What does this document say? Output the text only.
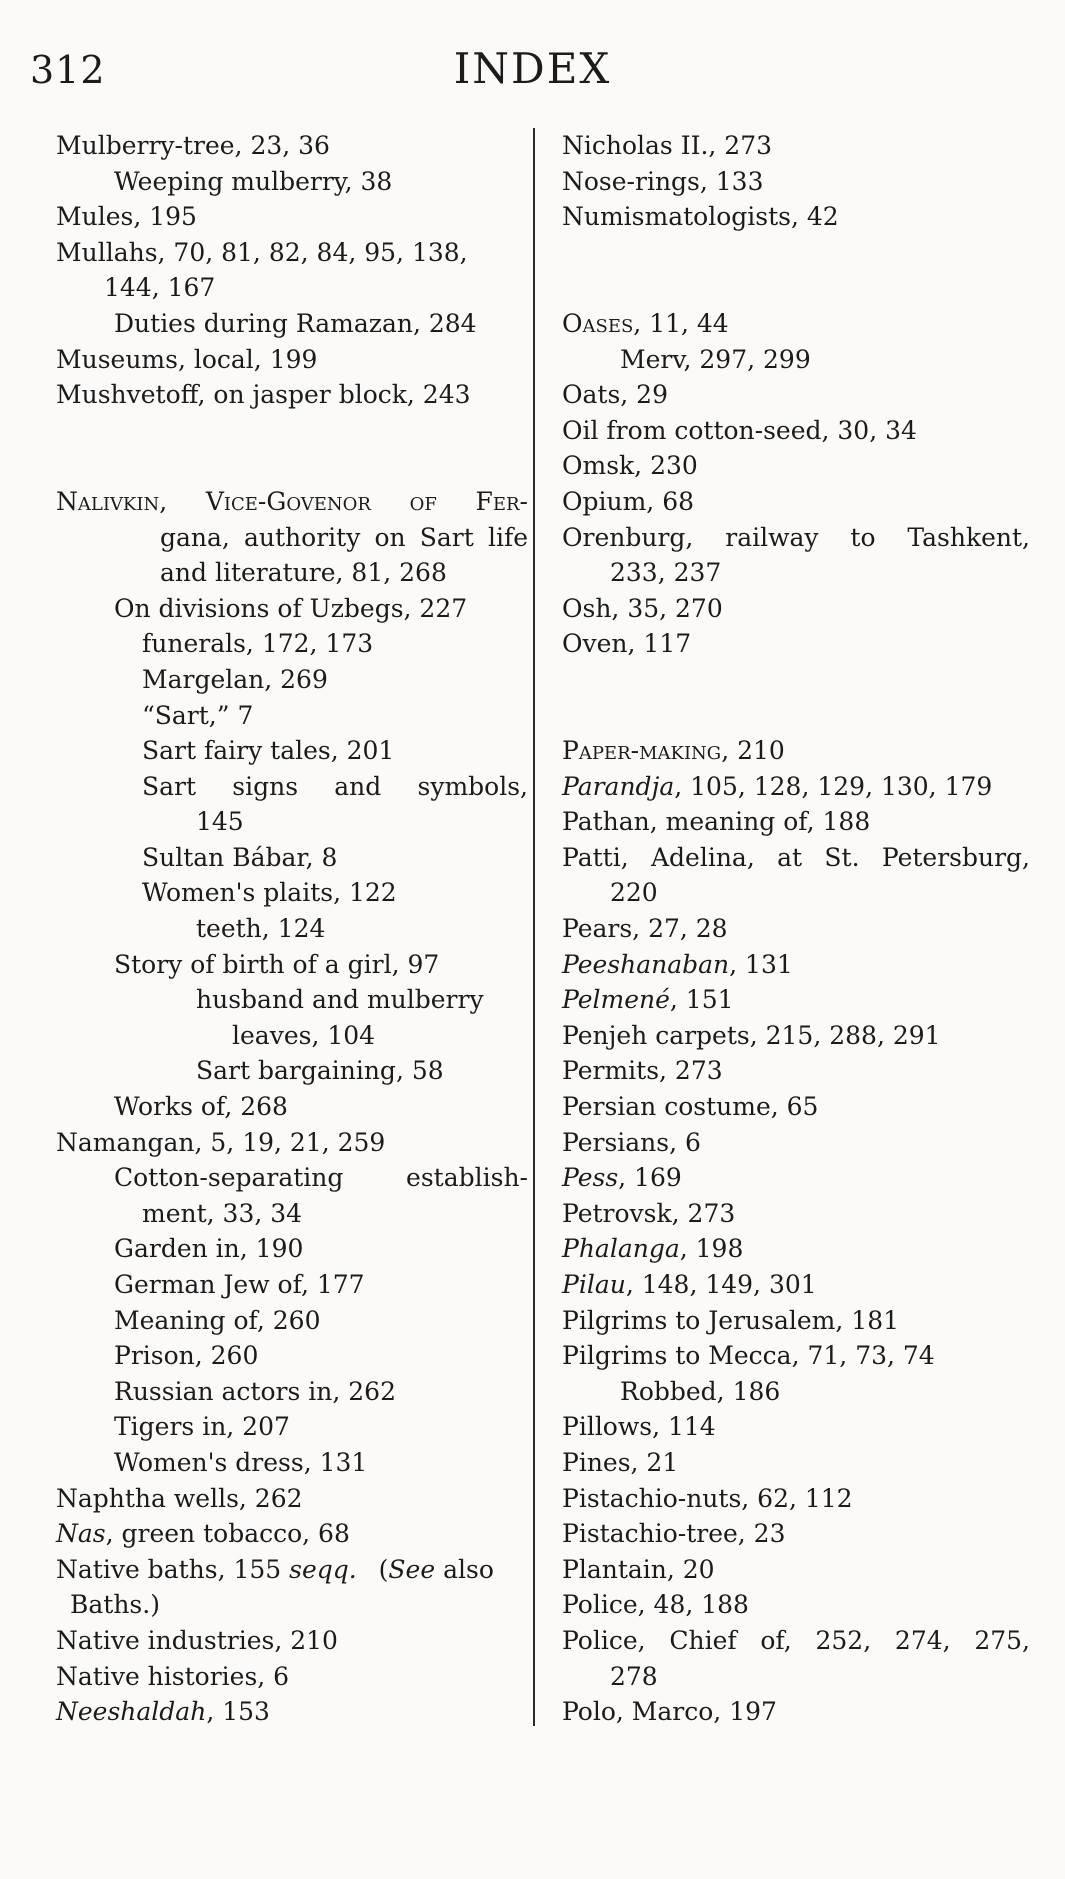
312	INDEX
Mulberry-tree, 23, 36
Weeping mulberry, 38
Mules, 195
Mullahs, 70, 81, 82, 84, 95, 138,
144, 167
Duties during Ramazan, 284
Museums, local, 199
Mushvetoff, on jasper block, 243
Nalivkin, Vice-Govenor of Fer-
gana, authority on Sart life
and literature, 81, 268
On divisions of Uzbegs, 227
funerals, 172, 173
Margelan, 269
“Sart,” 7
Sart fairy tales, 201
Sart signs and symbols,
145
Sultan Bábar, 8
Women's plaits, 122
teeth, 124
Story of birth of a girl, 97
husband and mulberry
leaves, 104
Sart bargaining, 58
Works of, 268
Namangan, 5, 19, 21, 259
Cotton-separating establish-
ment, 33, 34
Garden in, 190
German Jew of, 177
Meaning of, 260
Prison, 260
Russian actors in, 262
Tigers in, 207
Women's dress, 131
Naphtha wells, 262
Nas, green tobacco, 68
Native baths, 155 seqq. (See also
Baths.)
Native industries, 210
Native histories, 6
Neeshaldah, 153
Nicholas II., 273
Nose-rings, 133
Numismatologists, 42
Oases, 11, 44
Merv, 297, 299
Oats, 29
Oil from cotton-seed, 30, 34
Omsk, 230
Opium, 68
Orenburg, railway to Tashkent,
233, 237
Osh, 35, 270
Oven, 117
Paper-making, 210
Parandja, 105, 128, 129, 130, 179
Pathan, meaning of, 188
Patti, Adelina, at St. Petersburg,
220
Pears, 27, 28
Peeshanaban, 131
Pelmené, 151
Penjeh carpets, 215, 288, 291
Permits, 273
Persian costume, 65
Persians, 6
Pess, 169
Petrovsk, 273
Phalanga, 198
Pilau, 148, 149, 301
Pilgrims to Jerusalem, 181
Pilgrims to Mecca, 71, 73, 74
Robbed, 186
Pillows, 114
Pines, 21
Pistachio-nuts, 62, 112
Pistachio-tree, 23
Plantain, 20
Police, 48, 188
Police, Chief of, 252, 274, 275,
278
Polo, Marco, 197
